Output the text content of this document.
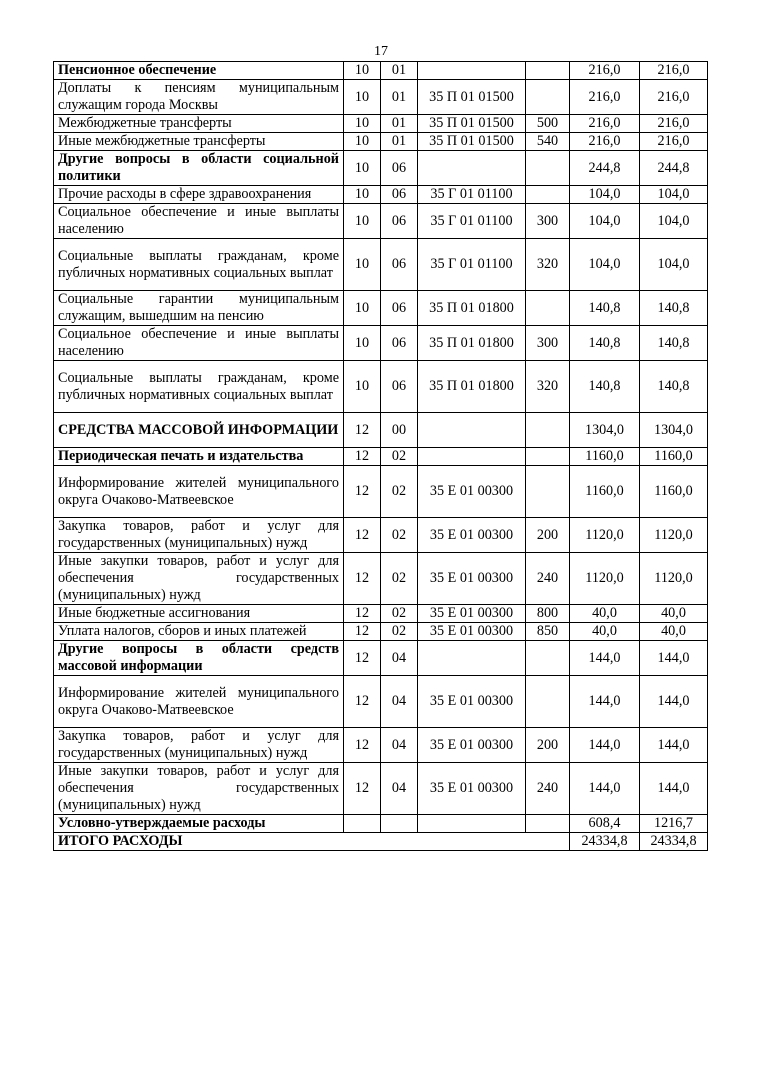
17
Пенсионное обеспечение	10	01			216,0	216,0
Доплаты к пенсиям муниципальным служащим города Москвы	10	01	35 П 01 01500		216,0	216,0
Межбюджетные трансферты	10	01	35 П 01 01500	500	216,0	216,0
Иные межбюджетные трансферты	10	01	35 П 01 01500	540	216,0	216,0
Другие вопросы в области социальной политики	10	06			244,8	244,8
Прочие расходы в сфере здравоохранения	10	06	35 Г 01 01100		104,0	104,0
Социальное обеспечение и иные выплаты населению	10	06	35 Г 01 01100	300	104,0	104,0
Социальные выплаты гражданам, кроме публичных нормативных социальных выплат	10	06	35 Г 01 01100	320	104,0	104,0
Социальные гарантии муниципальным служащим, вышедшим на пенсию	10	06	35 П 01 01800		140,8	140,8
Социальное обеспечение и иные выплаты населению	10	06	35 П 01 01800	300	140,8	140,8
Социальные выплаты гражданам, кроме публичных нормативных социальных выплат	10	06	35 П 01 01800	320	140,8	140,8
СРЕДСТВА МАССОВОЙ ИНФОРМАЦИИ	12	00			1304,0	1304,0
Периодическая печать и издательства	12	02			1160,0	1160,0
Информирование жителей муниципального округа Очаково-Матвеевское	12	02	35 Е 01 00300		1160,0	1160,0
Закупка товаров, работ и услуг для государственных (муниципальных) нужд	12	02	35 Е 01 00300	200	1120,0	1120,0
Иные закупки товаров, работ и услуг для обеспечения государственных (муниципальных) нужд	12	02	35 Е 01 00300	240	1120,0	1120,0
Иные бюджетные ассигнования	12	02	35 Е 01 00300	800	40,0	40,0
Уплата налогов, сборов и иных платежей	12	02	35 Е 01 00300	850	40,0	40,0
Другие вопросы в области средств массовой информации	12	04			144,0	144,0
Информирование жителей муниципального округа Очаково-Матвеевское	12	04	35 Е 01 00300		144,0	144,0
Закупка товаров, работ и услуг для государственных (муниципальных) нужд	12	04	35 Е 01 00300	200	144,0	144,0
Иные закупки товаров, работ и услуг для обеспечения государственных (муниципальных) нужд	12	04	35 Е 01 00300	240	144,0	144,0
Условно-утверждаемые расходы					608,4	1216,7
ИТОГО РАСХОДЫ					24334,8	24334,8
